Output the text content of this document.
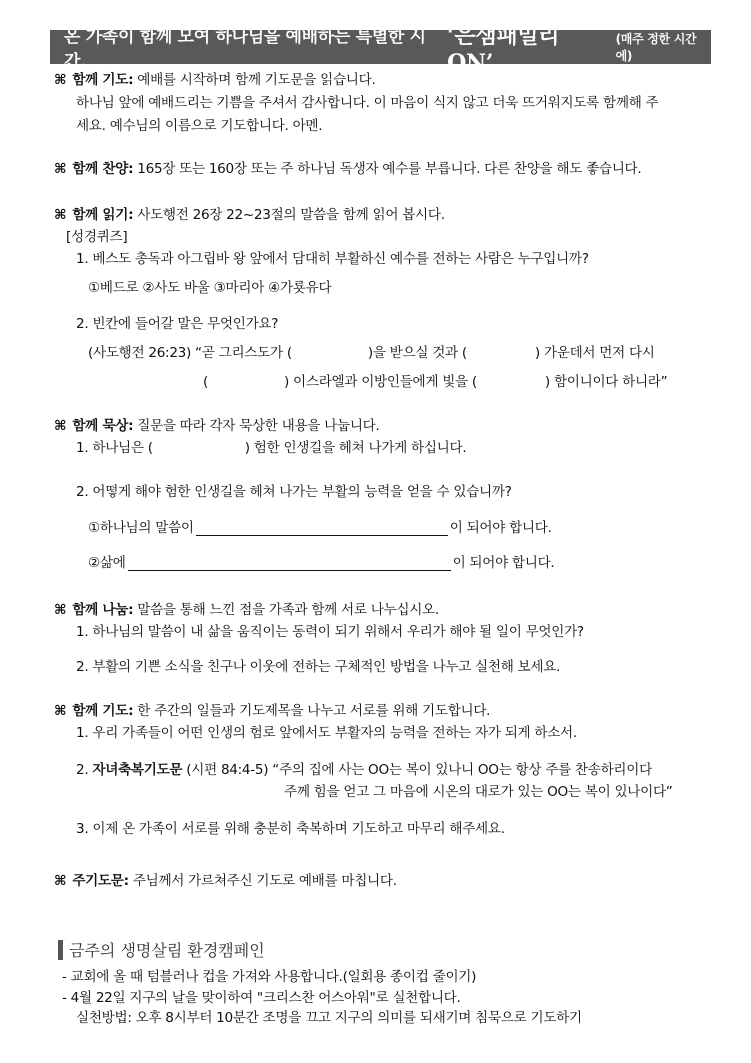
온 가족이 함께 모여 하나님을 예배하는 특별한 시간,
‘은샘패밀리 ON’
(매주 정한 시간에)
⌘ 함께 기도: 예배를 시작하며 함께 기도문을 읽습니다.
하나님 앞에 예배드리는 기쁨을 주셔서 감사합니다. 이 마음이 식지 않고 더욱 뜨거워지도록 함께해 주
세요. 예수님의 이름으로 기도합니다. 아멘.
⌘ 함께 찬양: 165장 또는 160장 또는 주 하나님 독생자 예수를 부릅니다. 다른 찬양을 해도 좋습니다.
⌘ 함께 읽기: 사도행전 26장 22~23절의 말씀을 함께 읽어 봅시다.
[성경퀴즈]
1. 베스도 총독과 아그립바 왕 앞에서 담대히 부활하신 예수를 전하는 사람은 누구입니까?
①베드로 ②사도 바울 ③마리아 ④가룟유다
2. 빈칸에 들어갈 말은 무엇인가요?
(사도행전 26:23) “곧 그리스도가 (	)을 받으실 것과 (	) 가운데서 먼저 다시
(	) 이스라엘과 이방인들에게 빛을 (	) 함이니이다 하니라”
⌘ 함께 묵상: 질문을 따라 각자 묵상한 내용을 나눕니다.
1. 하나님은 (	) 험한 인생길을 헤쳐 나가게 하십니다.
2. 어떻게 해야 험한 인생길을 헤쳐 나가는 부활의 능력을 얻을 수 있습니까?
①하나님의 말씀이	이 되어야 합니다.
②삶에	이 되어야 합니다.
⌘ 함께 나눔: 말씀을 통해 느낀 점을 가족과 함께 서로 나누십시오.
1. 하나님의 말씀이 내 삶을 움직이는 동력이 되기 위해서 우리가 해야 될 일이 무엇인가?
2. 부활의 기쁜 소식을 친구나 이웃에 전하는 구체적인 방법을 나누고 실천해 보세요.
⌘ 함께 기도: 한 주간의 일들과 기도제목을 나누고 서로를 위해 기도합니다.
1. 우리 가족들이 어떤 인생의 험로 앞에서도 부활자의 능력을 전하는 자가 되게 하소서.
2. 자녀축복기도문 (시편 84:4-5) “주의 집에 사는 OO는 복이 있나니 OO는 항상 주를 찬송하리이다
주께 힘을 얻고 그 마음에 시온의 대로가 있는 OO는 복이 있나이다”
3. 이제 온 가족이 서로를 위해 충분히 축복하며 기도하고 마무리 해주세요.
⌘ 주기도문: 주님께서 가르쳐주신 기도로 예배를 마칩니다.
금주의 생명살림 환경캠페인
- 교회에 올 때 텀블러나 컵을 가져와 사용합니다.(일회용 종이컵 줄이기)
- 4월 22일 지구의 날을 맞이하여 "크리스찬 어스아워"로 실천합니다.
실천방법: 오후 8시부터 10분간 조명을 끄고 지구의 의미를 되새기며 침묵으로 기도하기
